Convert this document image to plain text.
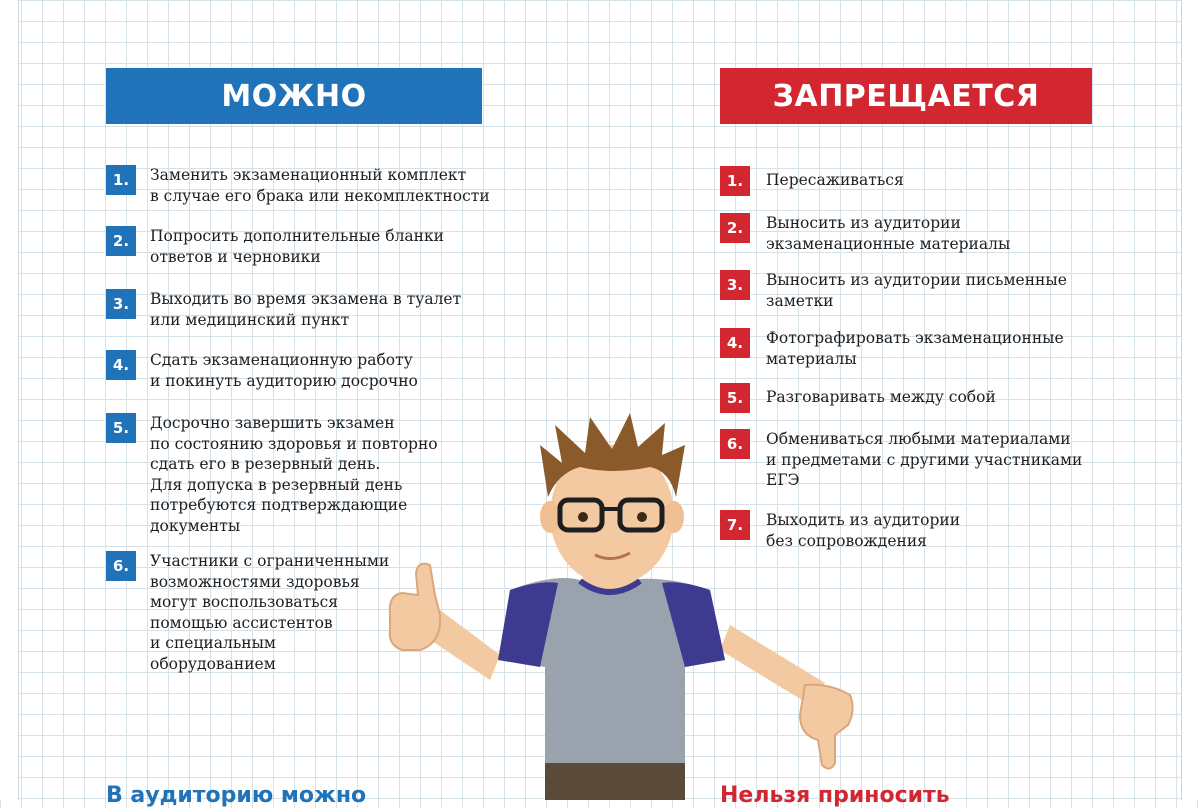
МОЖНО
1.	Заменить экзаменационный комплект
в случае его брака или некомплектности
2.	Попросить дополнительные бланки
ответов и черновики
3.	Выходить во время экзамена в туалет
или медицинский пункт
4.	Сдать экзаменационную работу
и покинуть аудиторию досрочно
5.	Досрочно завершить экзамен
по состоянию здоровья и повторно
сдать его в резервный день.
Для допуска в резервный день
потребуются подтверждающие
документы
6.	Участники с ограниченными
возможностями здоровья
могут воспользоваться
помощью ассистентов
и специальным
оборудованием
ЗАПРЕЩАЕТСЯ
1.	Пересаживаться
2.	Выносить из аудитории
экзаменационные материалы
3.	Выносить из аудитории письменные
заметки
4.	Фотографировать экзаменационные
материалы
5.	Разговаривать между собой
6.	Обмениваться любыми материалами
и предметами с другими участниками
ЕГЭ
7.	Выходить из аудитории
без сопровождения
В аудиторию можно	Нельзя приносить
